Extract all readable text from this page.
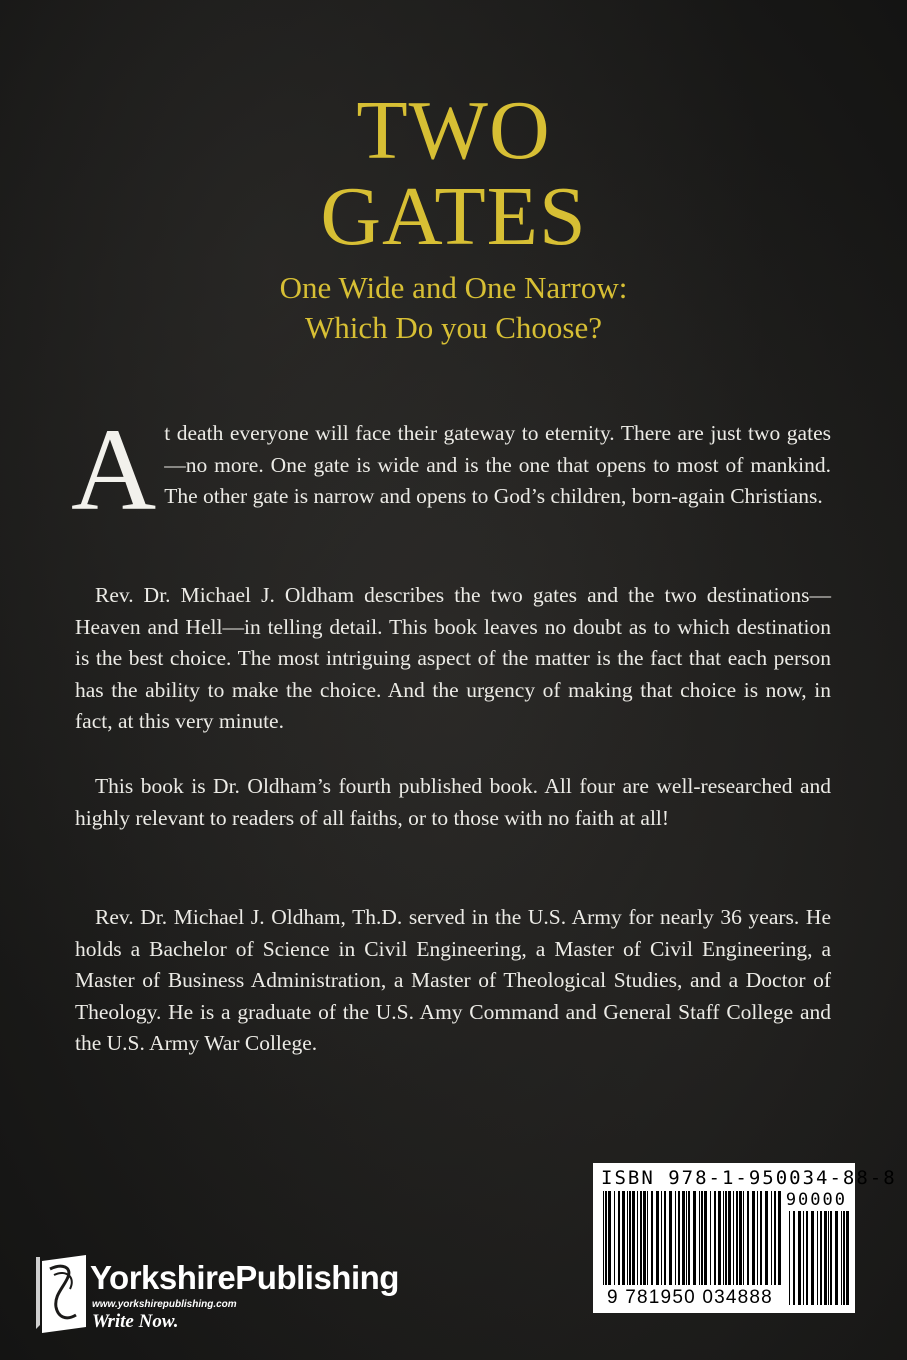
TWO
GATES
One Wide and One Narrow:
Which Do you Choose?

At death everyone will face their gateway to eternity. There are just two gates—no more. One gate is wide and is the one that opens to most of mankind. The other gate is narrow and opens to God’s children, born-again Christians.

Rev. Dr. Michael J. Oldham describes the two gates and the two destinations—Heaven and Hell—in telling detail. This book leaves no doubt as to which destination is the best choice. The most intriguing aspect of the matter is the fact that each person has the ability to make the choice. And the urgency of making that choice is now, in fact, at this very minute.

This book is Dr. Oldham’s fourth published book. All four are well-researched and highly relevant to readers of all faiths, or to those with no faith at all!

Rev. Dr. Michael J. Oldham, Th.D. served in the U.S. Army for nearly 36 years. He holds a Bachelor of Science in Civil Engineering, a Master of Civil Engineering, a Master of Business Administration, a Master of Theological Studies, and a Doctor of Theology. He is a graduate of the U.S. Amy Command and General Staff College and the U.S. Army War College.

ISBN 978-1-950034-88-8
90000
9 781950 034888
YorkshirePublishing
www.yorkshirepublishing.com
Write Now.
